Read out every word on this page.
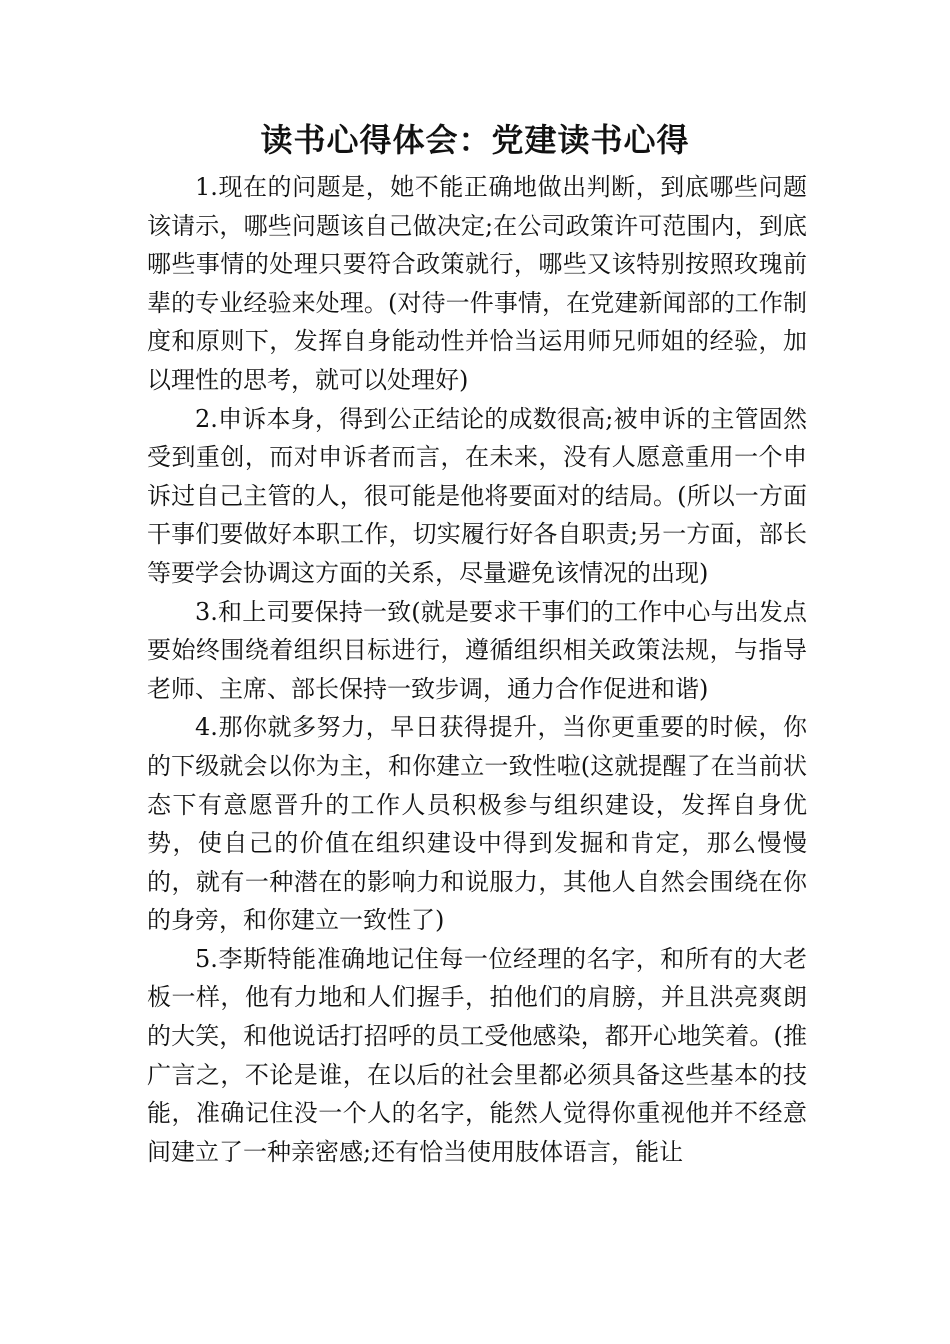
读书心得体会：党建读书心得

1.现在的问题是，她不能正确地做出判断，到底哪些问题该请示，哪些问题该自己做决定;在公司政策许可范围内，到底哪些事情的处理只要符合政策就行，哪些又该特别按照玫瑰前辈的专业经验来处理。(对待一件事情，在党建新闻部的工作制度和原则下，发挥自身能动性并恰当运用师兄师姐的经验，加以理性的思考，就可以处理好)

2.申诉本身，得到公正结论的成数很高;被申诉的主管固然受到重创，而对申诉者而言，在未来，没有人愿意重用一个申诉过自己主管的人，很可能是他将要面对的结局。(所以一方面干事们要做好本职工作，切实履行好各自职责;另一方面，部长等要学会协调这方面的关系，尽量避免该情况的出现)

3.和上司要保持一致(就是要求干事们的工作中心与出发点要始终围绕着组织目标进行，遵循组织相关政策法规，与指导老师、主席、部长保持一致步调，通力合作促进和谐)

4.那你就多努力，早日获得提升，当你更重要的时候，你的下级就会以你为主，和你建立一致性啦(这就提醒了在当前状态下有意愿晋升的工作人员积极参与组织建设，发挥自身优势，使自己的价值在组织建设中得到发掘和肯定，那么慢慢的，就有一种潜在的影响力和说服力，其他人自然会围绕在你的身旁，和你建立一致性了)

5.李斯特能准确地记住每一位经理的名字，和所有的大老板一样，他有力地和人们握手，拍他们的肩膀，并且洪亮爽朗的大笑，和他说话打招呼的员工受他感染，都开心地笑着。(推广言之，不论是谁，在以后的社会里都必须具备这些基本的技能，准确记住没一个人的名字，能然人觉得你重视他并不经意间建立了一种亲密感;还有恰当使用肢体语言，能让
